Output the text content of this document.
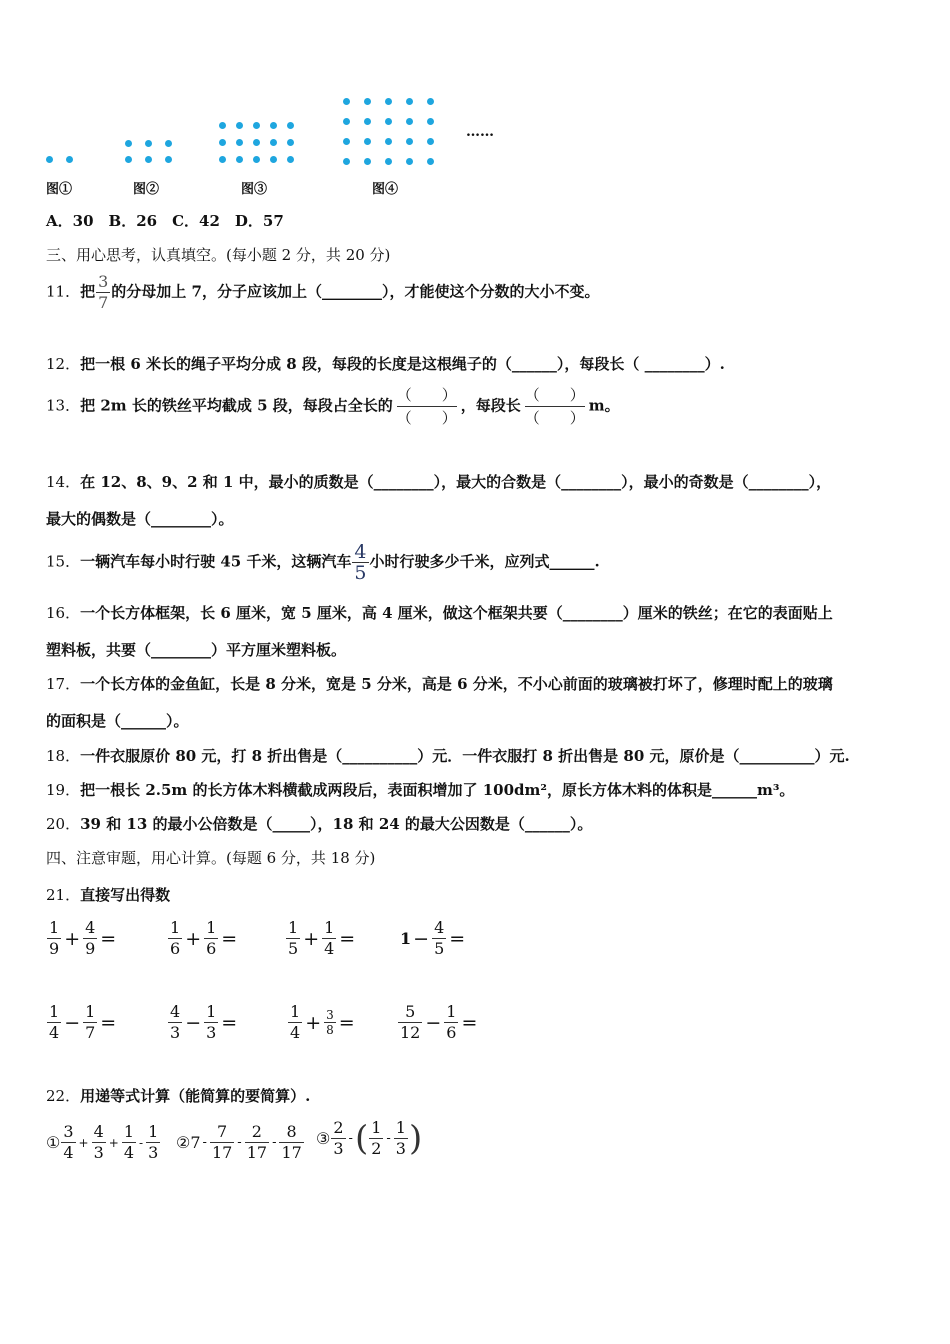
……
图①	图②	图③	图④
A．30　B．26　C．42　D．57
三、用心思考，认真填空。(每小题 2 分，共 20 分)
11．把 $\frac{3}{7}$ 的分母加上 7，分子应该加上（________），才能使这个分数的大小不变。
12．把一根 6 米长的绳子平均分成 8 段，每段的长度是这根绳子的（______），每段长（ ________）.
13．把 2m 长的铁丝平均截成 5 段，每段占全长的
（　　）
（　　）
，每段长
（　　）
（　　）
m。
14．在 12、8、9、2 和 1 中，最小的质数是（________），最大的合数是（________），最小的奇数是（________），
最大的偶数是（________）。
15．一辆汽车每小时行驶 45 千米，这辆汽车 $\frac{4}{5}$ 小时行驶多少千米，应列式______.
16．一个长方体框架，长 6 厘米，宽 5 厘米，高 4 厘米，做这个框架共要（________）厘米的铁丝；在它的表面贴上
塑料板，共要（________）平方厘米塑料板。
17．一个长方体的金鱼缸，长是 8 分米，宽是 5 分米，高是 6 分米，不小心前面的玻璃被打坏了，修理时配上的玻璃
的面积是（______）。
18．一件衣服原价 80 元，打 8 折出售是（__________）元．一件衣服打 8 折出售是 80 元，原价是（__________）元.
19．把一根长 2.5m 的长方体木料横截成两段后，表面积增加了 100dm²，原长方体木料的体积是______m³。
20．39 和 13 的最小公倍数是（_____），18 和 24 的最大公因数是（______）。
四、注意审题，用心计算。(每题 6 分，共 18 分)
21．直接写出得数
$\frac{1}{9} + \frac{4}{9}$ =	$\frac{1}{6} + \frac{1}{6}$ =	$\frac{1}{5} + \frac{1}{4}$ =	$1 - \frac{4}{5}$ =
$\frac{1}{4} - \frac{1}{7}$ =	$\frac{4}{3} - \frac{1}{3}$ =	$\frac{1}{4} + \frac{3}{8}$ =	$\frac{5}{12} - \frac{1}{6}$ =
22．用递等式计算（能简算的要简算）.
① $\frac{3}{4} + \frac{4}{3} + \frac{1}{4} - \frac{1}{3}$ ②7 - $\frac{7}{17} - \frac{2}{17} - \frac{8}{17}$ ③ $\frac{2}{3}$ -( $\frac{1}{2} - \frac{1}{3}$ )
